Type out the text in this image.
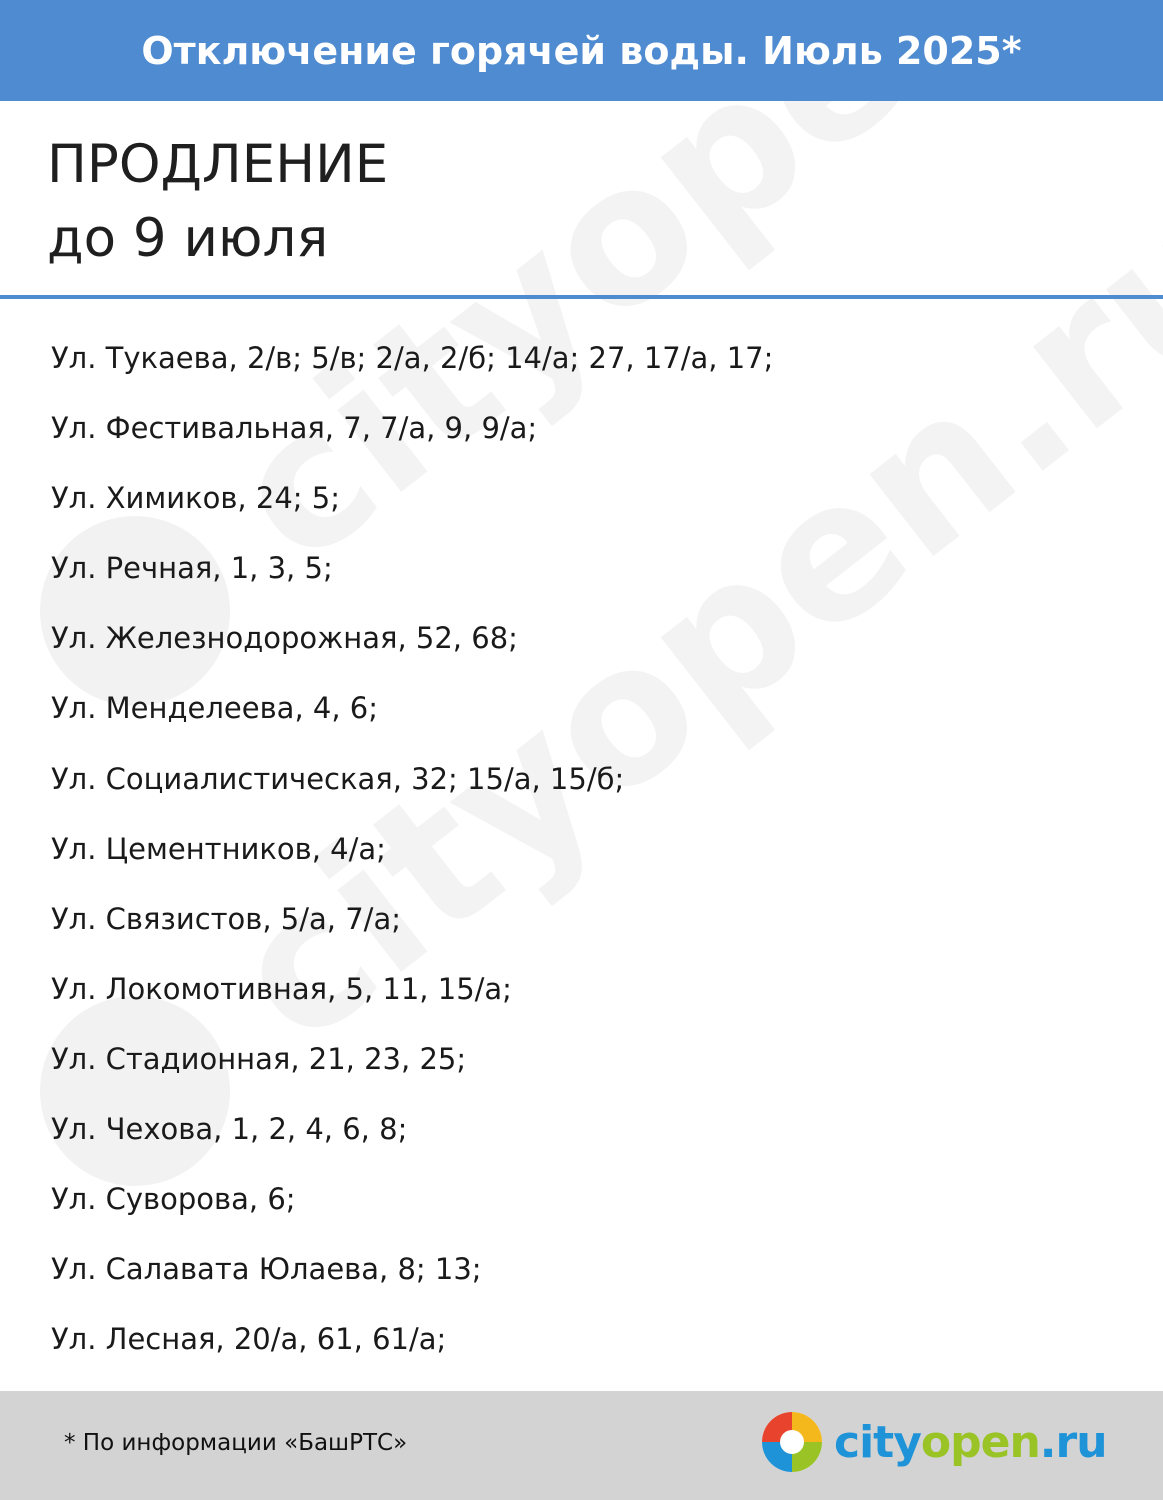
Отключение горячей воды. Июль 2025*
ПРОДЛЕНИЕ
до 9 июля
Ул. Тукаева, 2/в; 5/в; 2/а, 2/б; 14/а; 27, 17/а, 17;
Ул. Фестивальная, 7, 7/а, 9, 9/а;
Ул. Химиков, 24; 5;
Ул. Речная, 1, 3, 5;
Ул. Железнодорожная, 52, 68;
Ул. Менделеева, 4, 6;
Ул. Социалистическая, 32; 15/а, 15/б;
Ул. Цементников, 4/а;
Ул. Связистов, 5/а, 7/а;
Ул. Локомотивная, 5, 11, 15/а;
Ул. Стадионная, 21, 23, 25;
Ул. Чехова, 1, 2, 4, 6, 8;
Ул. Суворова, 6;
Ул. Салавата Юлаева, 8; 13;
Ул. Лесная, 20/а, 61, 61/а;
* По информации «БашРТС»	cityopen.ru
